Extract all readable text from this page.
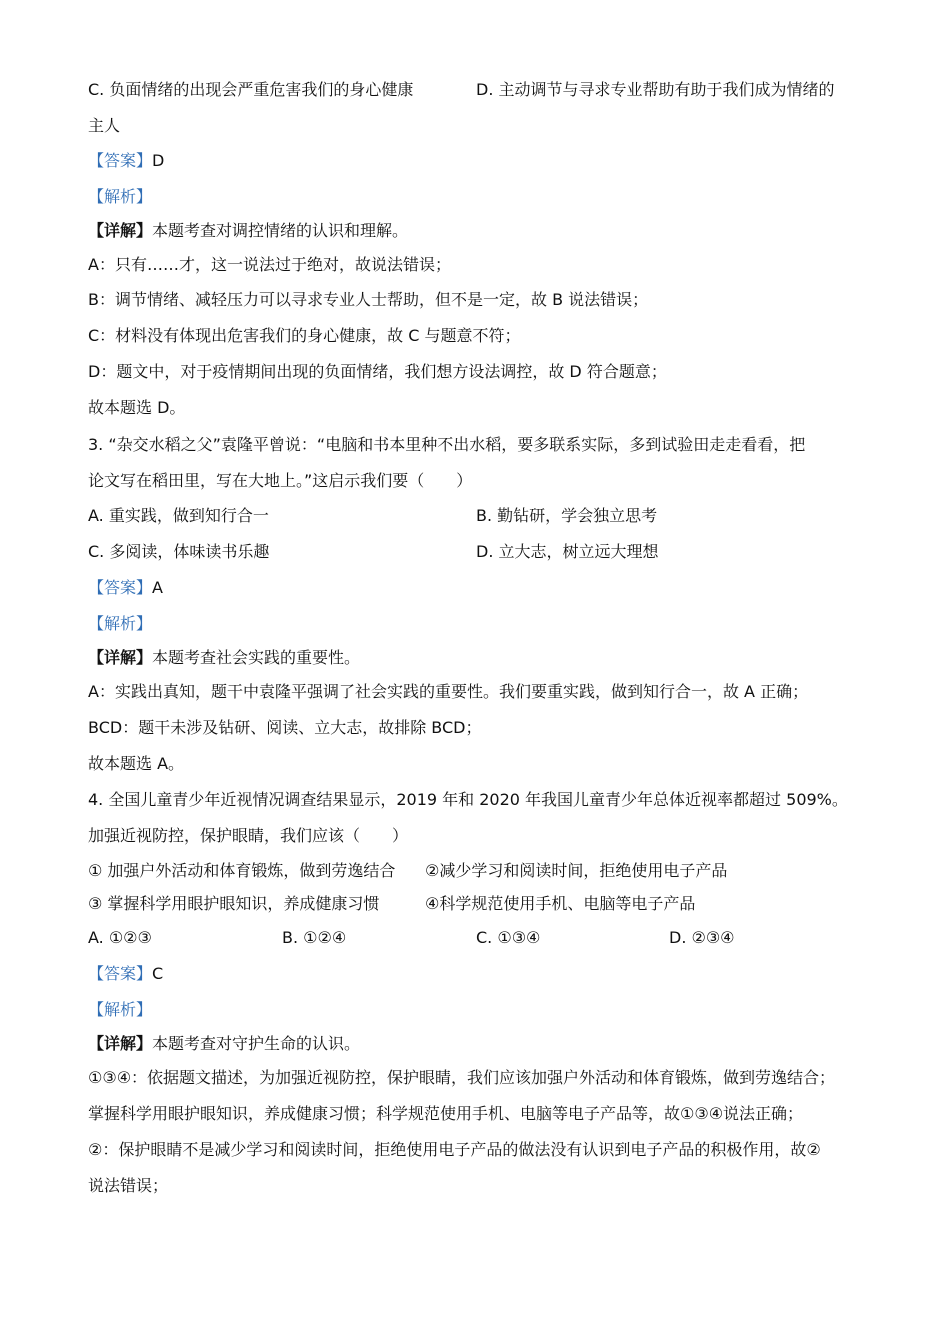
C. 负面情绪的出现会严重危害我们的身心健康	D. 主动调节与寻求专业帮助有助于我们成为情绪的
主人
【答案】D
【解析】
【详解】本题考查对调控情绪的认识和理解。
A：只有……才，这一说法过于绝对，故说法错误；
B：调节情绪、减轻压力可以寻求专业人士帮助，但不是一定，故 B 说法错误；
C：材料没有体现出危害我们的身心健康，故 C 与题意不符；
D：题文中，对于疫情期间出现的负面情绪，我们想方设法调控，故 D 符合题意；
故本题选 D。
3. “杂交水稻之父”袁隆平曾说：“电脑和书本里种不出水稻，要多联系实际，多到试验田走走看看，把
论文写在稻田里，写在大地上。”这启示我们要（　　）
A. 重实践，做到知行合一	B. 勤钻研，学会独立思考
C. 多阅读，体味读书乐趣	D. 立大志，树立远大理想
【答案】A
【解析】
【详解】本题考查社会实践的重要性。
A：实践出真知，题干中袁隆平强调了社会实践的重要性。我们要重实践，做到知行合一，故 A 正确；
BCD：题干未涉及钻研、阅读、立大志，故排除 BCD；
故本题选 A。
4. 全国儿童青少年近视情况调查结果显示，2019 年和 2020 年我国儿童青少年总体近视率都超过 509%。
加强近视防控，保护眼睛，我们应该（　　）
① 加强户外活动和体育锻炼，做到劳逸结合 ②减少学习和阅读时间，拒绝使用电子产品
③ 掌握科学用眼护眼知识，养成健康习惯	④科学规范使用手机、电脑等电子产品
A. ①②③	B. ①②④	C. ①③④	D. ②③④
【答案】C
【解析】
【详解】本题考查对守护生命的认识。
①③④：依据题文描述，为加强近视防控，保护眼睛，我们应该加强户外活动和体育锻炼，做到劳逸结合；
掌握科学用眼护眼知识，养成健康习惯；科学规范使用手机、电脑等电子产品等，故①③④说法正确；
②：保护眼睛不是减少学习和阅读时间，拒绝使用电子产品的做法没有认识到电子产品的积极作用，故②
说法错误；
